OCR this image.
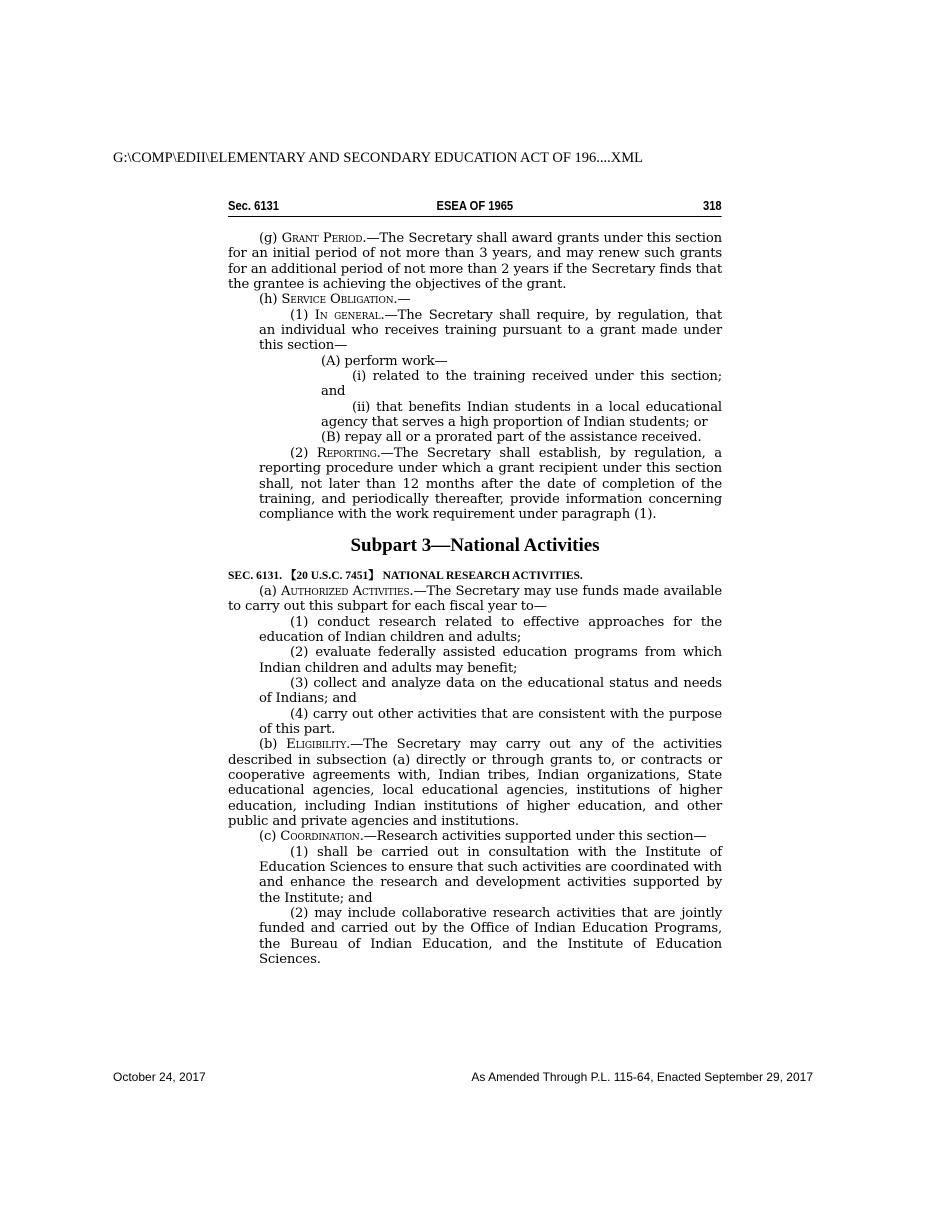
G:\COMP\EDII\ELEMENTARY AND SECONDARY EDUCATION ACT OF 196....XML
Sec. 6131	ESEA OF 1965	318

(g) Grant Period.—The Secretary shall award grants under this section for an initial period of not more than 3 years, and may renew such grants for an additional period of not more than 2 years if the Secretary finds that the grantee is achieving the objectives of the grant.

(h) Service Obligation.—

(1) In general.—The Secretary shall require, by regulation, that an individual who receives training pursuant to a grant made under this section—

(A) perform work—

(i) related to the training received under this section; and

(ii) that benefits Indian students in a local educational agency that serves a high proportion of Indian students; or

(B) repay all or a prorated part of the assistance received.

(2) Reporting.—The Secretary shall establish, by regulation, a reporting procedure under which a grant recipient under this section shall, not later than 12 months after the date of completion of the training, and periodically thereafter, provide information concerning compliance with the work requirement under paragraph (1).

Subpart 3—National Activities

SEC. 6131. 【20 U.S.C. 7451】 NATIONAL RESEARCH ACTIVITIES.

(a) Authorized Activities.—The Secretary may use funds made available to carry out this subpart for each fiscal year to—

(1) conduct research related to effective approaches for the education of Indian children and adults;

(2) evaluate federally assisted education programs from which Indian children and adults may benefit;

(3) collect and analyze data on the educational status and needs of Indians; and

(4) carry out other activities that are consistent with the purpose of this part.

(b) Eligibility.—The Secretary may carry out any of the activities described in subsection (a) directly or through grants to, or contracts or cooperative agreements with, Indian tribes, Indian organizations, State educational agencies, local educational agencies, institutions of higher education, including Indian institutions of higher education, and other public and private agencies and institutions.

(c) Coordination.—Research activities supported under this section—

(1) shall be carried out in consultation with the Institute of Education Sciences to ensure that such activities are coordinated with and enhance the research and development activities supported by the Institute; and

(2) may include collaborative research activities that are jointly funded and carried out by the Office of Indian Education Programs, the Bureau of Indian Education, and the Institute of Education Sciences.

October 24, 2017	As Amended Through P.L. 115-64, Enacted September 29, 2017
